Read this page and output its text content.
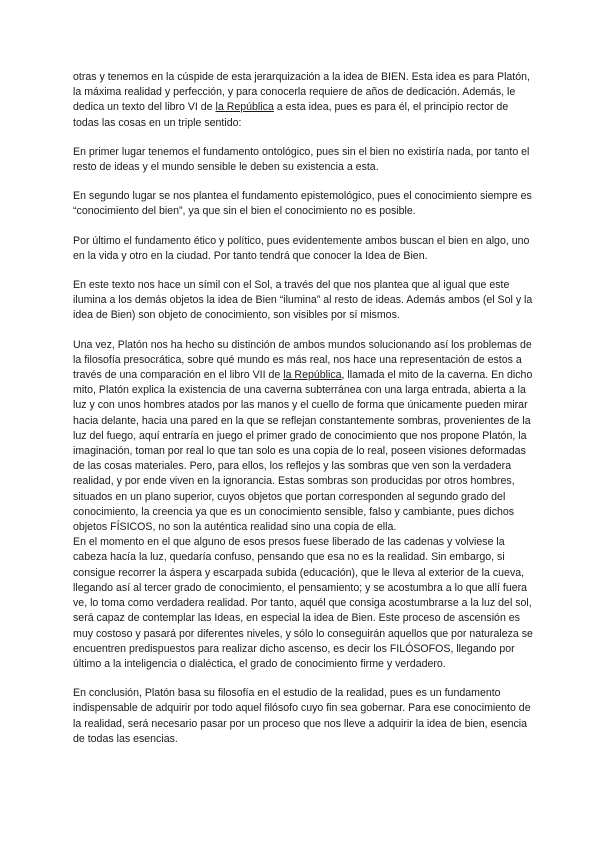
otras y tenemos en la cúspide de esta jerarquización a la idea de BIEN. Esta idea es para Platón, la máxima realidad y perfección, y para conocerla requiere de años de dedicación. Además, le dedica un texto del libro VI de la República a esta idea, pues es para él, el principio rector de todas las cosas en un triple sentido:

En primer lugar tenemos el fundamento ontológico, pues sin el bien no existiría nada, por tanto el resto de ideas y el mundo sensible le deben su existencia a esta.

En segundo lugar se nos plantea el fundamento epistemológico, pues el conocimiento siempre es “conocimiento del bien”, ya que sin el bien el conocimiento no es posible.

Por último el fundamento ético y político, pues evidentemente ambos buscan el bien en algo, uno en la vida y otro en la ciudad. Por tanto tendrá que conocer la Idea de Bien.

En este texto nos hace un símil con el Sol, a través del que nos plantea que al igual que este ilumina a los demás objetos la idea de Bien “ilumina” al resto de ideas. Además ambos (el Sol y la idea de Bien) son objeto de conocimiento, son visibles por sí mismos.

Una vez, Platón nos ha hecho su distinción de ambos mundos solucionando así los problemas de la filosofía presocrática, sobre qué mundo es más real, nos hace una representación de estos a través de una comparación en el libro VII de la República, llamada el mito de la caverna. En dicho mito, Platón explica la existencia de una caverna subterránea con una larga entrada, abierta a la luz y con unos hombres atados por las manos y el cuello de forma que únicamente pueden mirar hacia delante, hacia una pared en la que se reflejan constantemente sombras, provenientes de la luz del fuego, aquí entraría en juego el primer grado de conocimiento que nos propone Platón, la imaginación, toman por real lo que tan solo es una copia de lo real, poseen visiones deformadas de las cosas materiales. Pero, para ellos, los reflejos y las sombras que ven son la verdadera realidad, y por ende viven en la ignorancia. Estas sombras son producidas por otros hombres, situados en un plano superior, cuyos objetos que portan corresponden al segundo grado del conocimiento, la creencia ya que es un conocimiento sensible, falso y cambiante, pues dichos objetos FÍSICOS, no son la auténtica realidad sino una copia de ella.

En el momento en el que alguno de esos presos fuese liberado de las cadenas y volviese la cabeza hacía la luz, quedaría confuso, pensando que esa no es la realidad. Sin embargo, si consigue recorrer la áspera y escarpada subida (educación), que le lleva al exterior de la cueva, llegando así al tercer grado de conocimiento, el pensamiento; y se acostumbra a lo que allí fuera ve, lo toma como verdadera realidad. Por tanto, aquél que consiga acostumbrarse a la luz del sol, será capaz de contemplar las Ideas, en especial la idea de Bien. Este proceso de ascensión es muy costoso y pasará por diferentes niveles, y sólo lo conseguirán aquellos que por naturaleza se encuentren predispuestos para realizar dicho ascenso, es decir los FILÓSOFOS, llegando por último a la inteligencia o dialéctica, el grado de conocimiento firme y verdadero.

En conclusión, Platón basa su filosofía en el estudio de la realidad, pues es un fundamento indispensable de adquirir por todo aquel filósofo cuyo fin sea gobernar. Para ese conocimiento de la realidad, será necesario pasar por un proceso que nos lleve a adquirir la idea de bien, esencia de todas las esencias.
